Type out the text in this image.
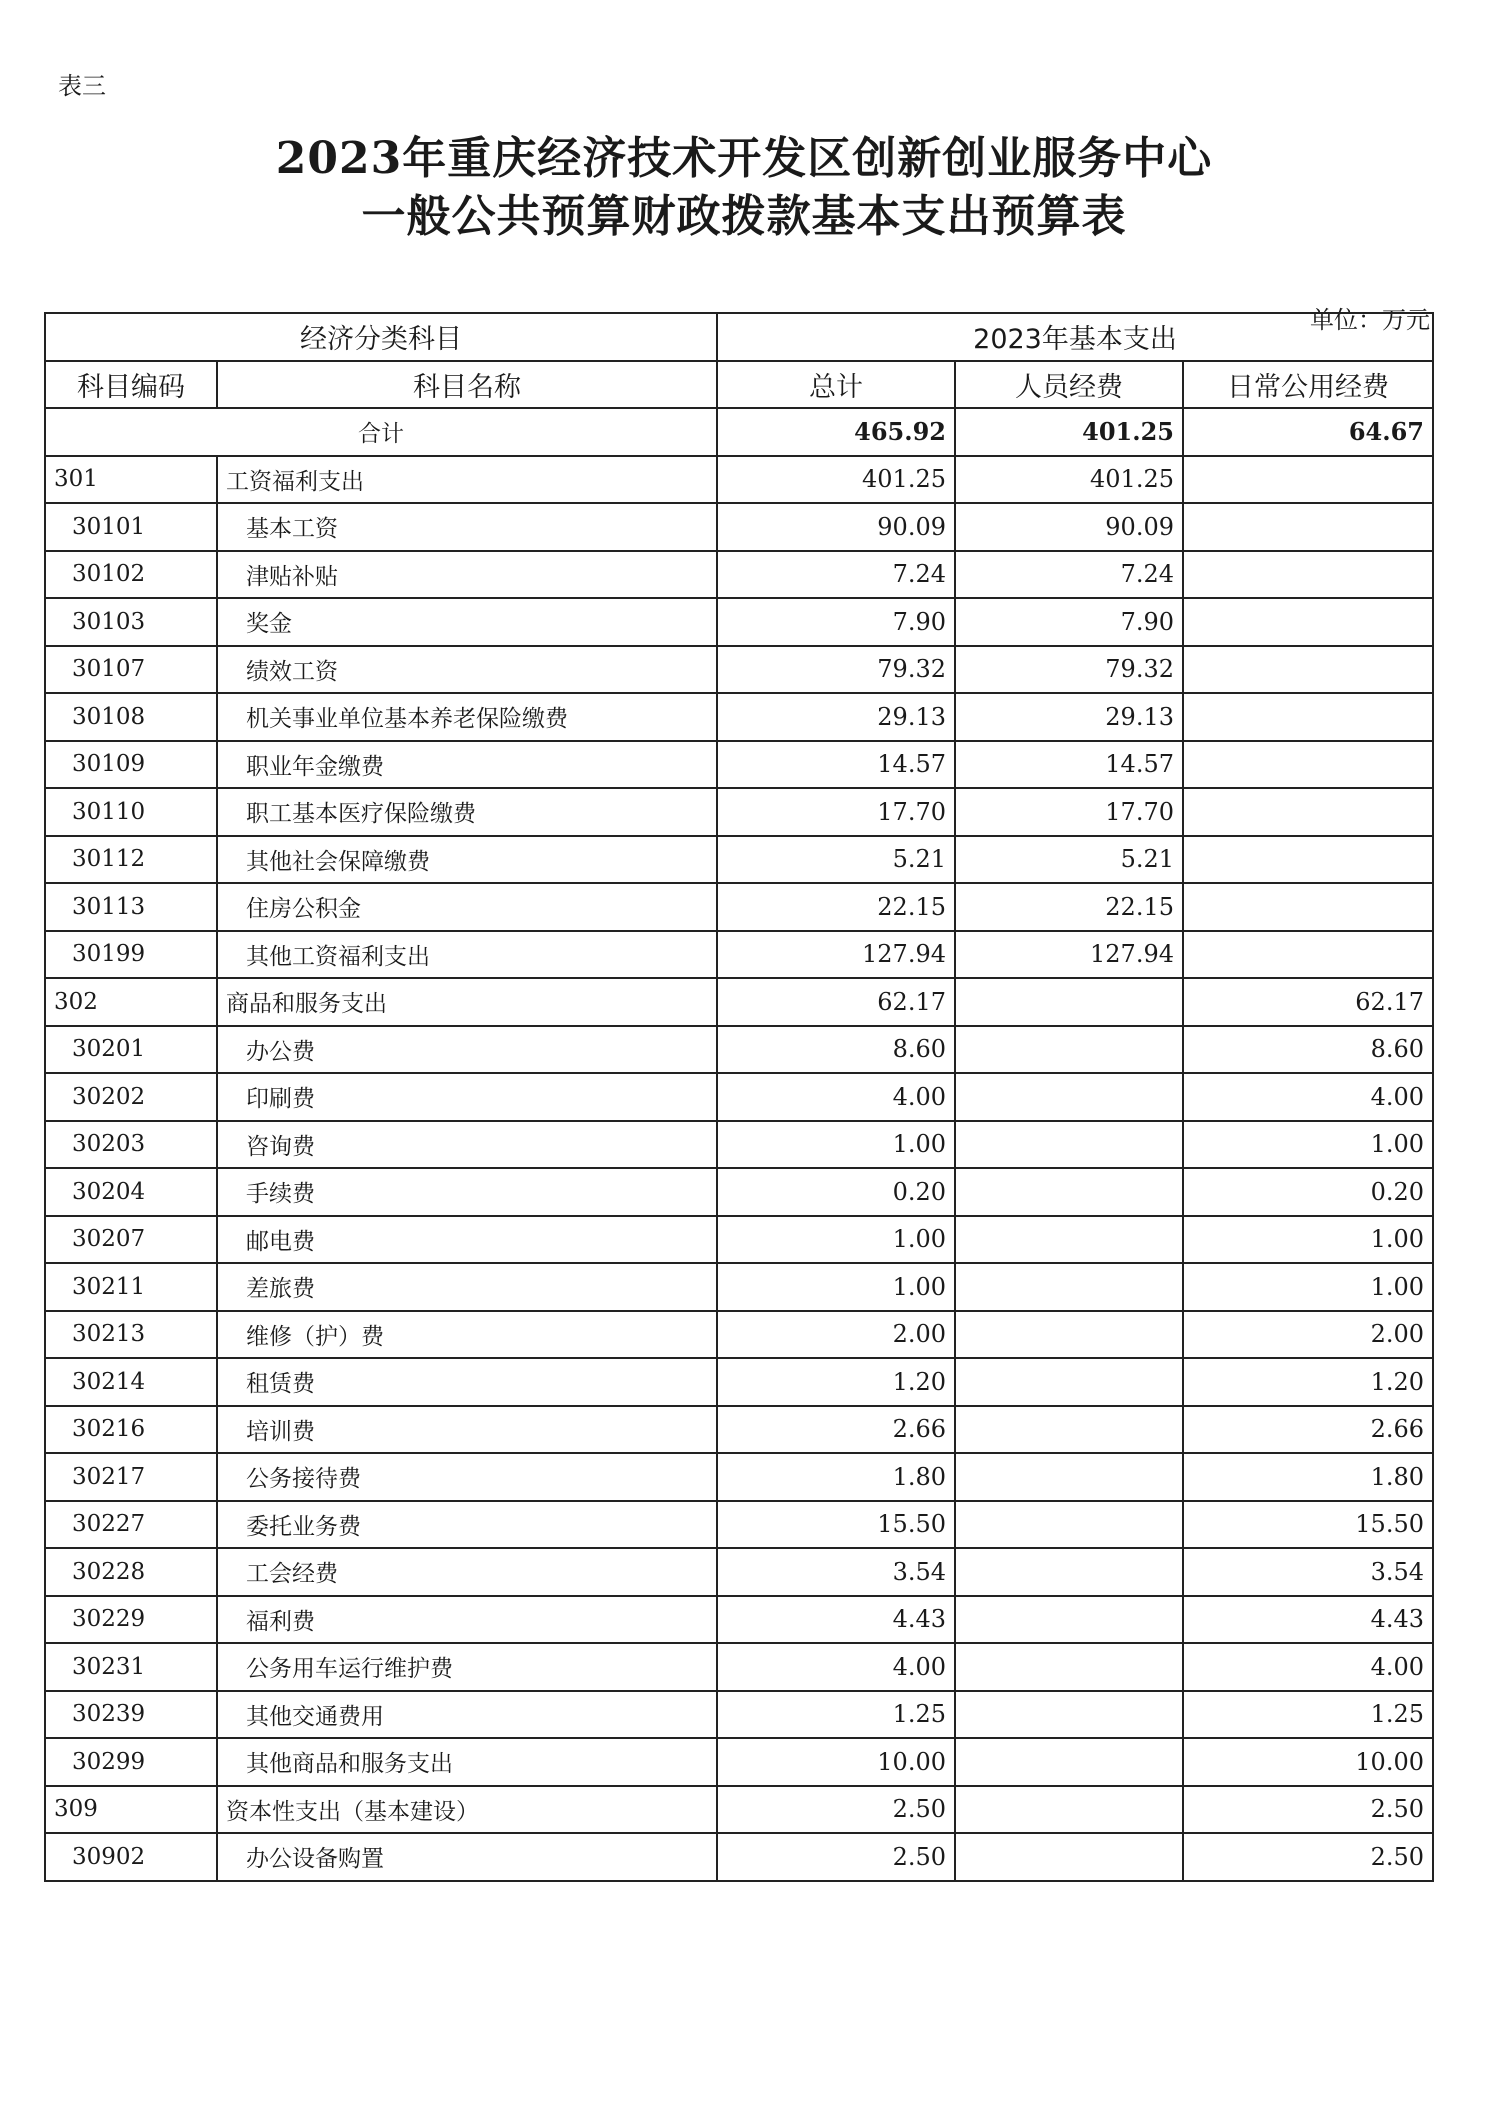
表三
2023年重庆经济技术开发区创新创业服务中心
一般公共预算财政拨款基本支出预算表
单位：万元
经济分类科目		2023年基本支出		
科目编码	科目名称	总计	人员经费	日常公用经费
合计		465.92	401.25	64.67
301	工资福利支出	401.25	401.25	
30101	基本工资	90.09	90.09	
30102	津贴补贴	7.24	7.24	
30103	奖金	7.90	7.90	
30107	绩效工资	79.32	79.32	
30108	机关事业单位基本养老保险缴费	29.13	29.13	
30109	职业年金缴费	14.57	14.57	
30110	职工基本医疗保险缴费	17.70	17.70	
30112	其他社会保障缴费	5.21	5.21	
30113	住房公积金	22.15	22.15	
30199	其他工资福利支出	127.94	127.94	
302	商品和服务支出	62.17		62.17
30201	办公费	8.60		8.60
30202	印刷费	4.00		4.00
30203	咨询费	1.00		1.00
30204	手续费	0.20		0.20
30207	邮电费	1.00		1.00
30211	差旅费	1.00		1.00
30213	维修（护）费	2.00		2.00
30214	租赁费	1.20		1.20
30216	培训费	2.66		2.66
30217	公务接待费	1.80		1.80
30227	委托业务费	15.50		15.50
30228	工会经费	3.54		3.54
30229	福利费	4.43		4.43
30231	公务用车运行维护费	4.00		4.00
30239	其他交通费用	1.25		1.25
30299	其他商品和服务支出	10.00		10.00
309	资本性支出（基本建设）	2.50		2.50
30902	办公设备购置	2.50		2.50
